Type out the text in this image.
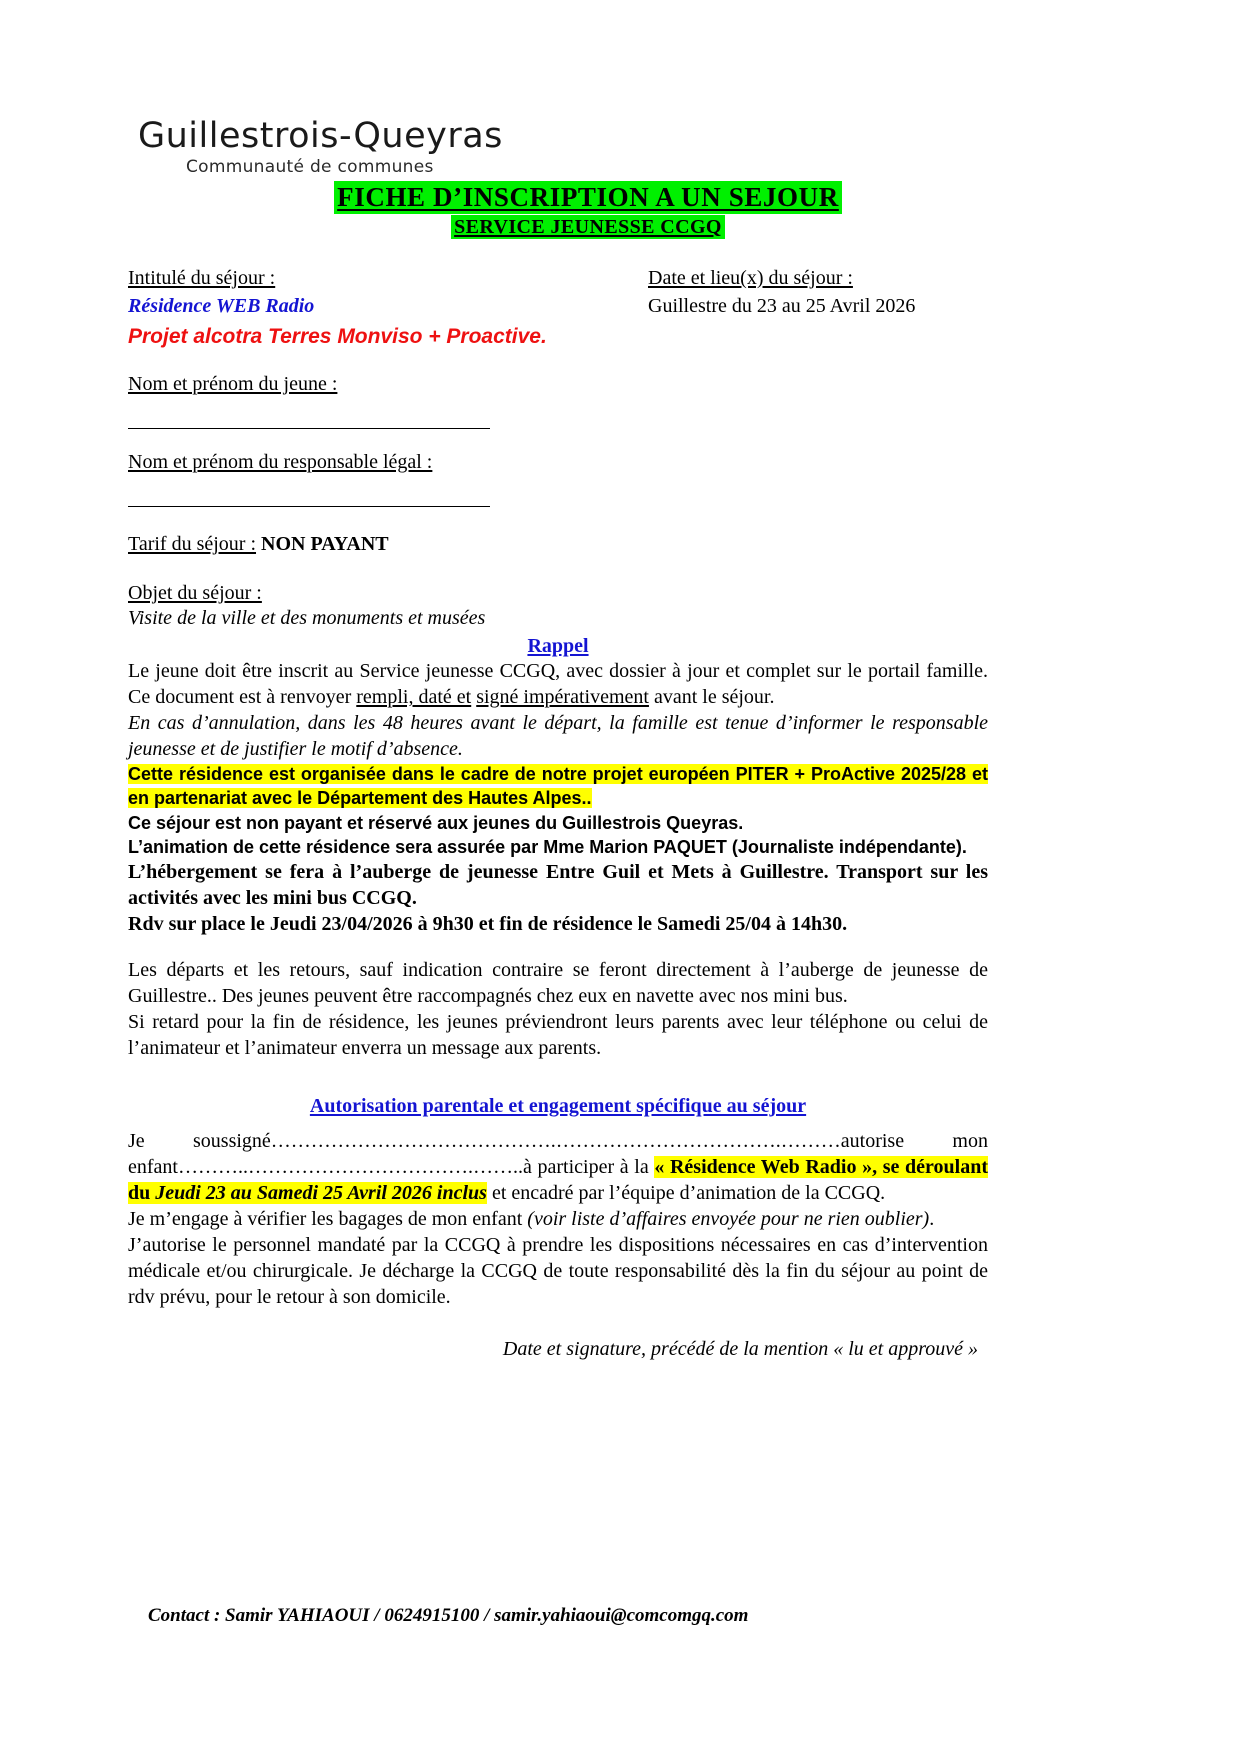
Guillestrois-Queyras
Communauté de communes
FICHE D’INSCRIPTION A UN SEJOUR
SERVICE JEUNESSE CCGQ
Intitulé du séjour :
Résidence WEB Radio
Projet alcotra Terres Monviso + Proactive.
Date et lieu(x) du séjour :
Guillestre du 23 au 25 Avril 2026
Nom et prénom du jeune :
Nom et prénom du responsable légal :
Tarif du séjour : NON PAYANT
Objet du séjour :
Visite de la ville et des monuments et musées
Rappel

Le jeune doit être inscrit au Service jeunesse CCGQ, avec dossier à jour et complet sur le portail famille. Ce document est à renvoyer rempli, daté et signé impérativement avant le séjour.

En cas d’annulation, dans les 48 heures avant le départ, la famille est tenue d’informer le responsable jeunesse et de justifier le motif d’absence.

Cette résidence est organisée dans le cadre de notre projet européen PITER + ProActive 2025/28 et en partenariat avec le Département des Hautes Alpes..

Ce séjour est non payant et réservé aux jeunes du Guillestrois Queyras.

L’animation de cette résidence sera assurée par Mme Marion PAQUET (Journaliste indépendante).

L’hébergement se fera à l’auberge de jeunesse Entre Guil et Mets à Guillestre. Transport sur les activités avec les mini bus CCGQ.

Rdv sur place le Jeudi 23/04/2026 à 9h30 et fin de résidence le Samedi 25/04 à 14h30.

Les départs et les retours, sauf indication contraire se feront directement à l’auberge de jeunesse de Guillestre.. Des jeunes peuvent être raccompagnés chez eux en navette avec nos mini bus.

Si retard pour la fin de résidence, les jeunes préviendront leurs parents avec leur téléphone ou celui de l’animateur et l’animateur enverra un message aux parents.

Autorisation parentale et engagement spécifique au séjour

Je soussigné…………………………………….…………………………….………autorise mon enfant………..…………………………….……..à participer à la « Résidence Web Radio », se déroulant du Jeudi 23 au Samedi 25 Avril 2026 inclus et encadré par l’équipe d’animation de la CCGQ.

Je m’engage à vérifier les bagages de mon enfant (voir liste d’affaires envoyée pour ne rien oublier).

J’autorise le personnel mandaté par la CCGQ à prendre les dispositions nécessaires en cas d’intervention médicale et/ou chirurgicale. Je décharge la CCGQ de toute responsabilité dès la fin du séjour au point de rdv prévu, pour le retour à son domicile.

Date et signature, précédé de la mention « lu et approuvé »
Contact : Samir YAHIAOUI / 0624915100 / samir.yahiaoui@comcomgq.com
